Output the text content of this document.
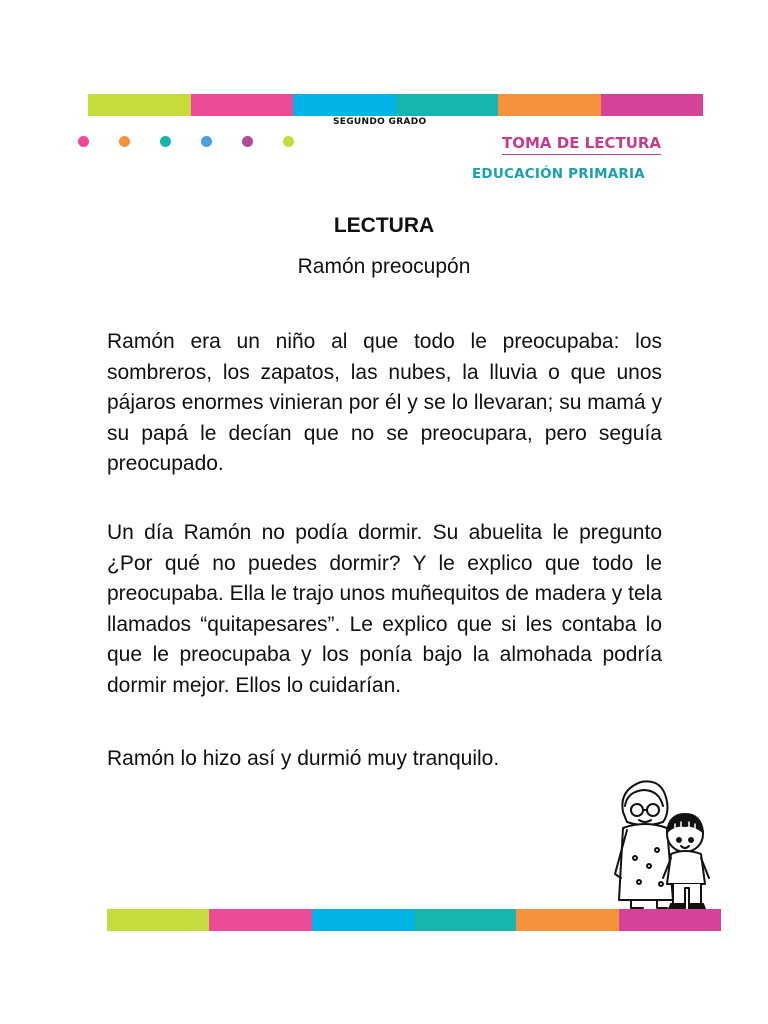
SEGUNDO GRADO
TOMA DE LECTURA
EDUCACIÓN PRIMARIA
LECTURA
Ramón preocupón

Ramón era un niño al que todo le preocupaba: los sombreros, los zapatos, las nubes, la lluvia o que unos pájaros enormes vinieran por él y se lo llevaran; su mamá y su papá le decían que no se preocupara, pero seguía preocupado.

Un día Ramón no podía dormir. Su abuelita le pregunto ¿Por qué no puedes dormir? Y le explico que todo le preocupaba. Ella le trajo unos muñequitos de madera y tela llamados “quitapesares”. Le explico que si les contaba lo que le preocupaba y los ponía bajo la almohada podría dormir mejor. Ellos lo cuidarían.

Ramón lo hizo así y durmió muy tranquilo.
